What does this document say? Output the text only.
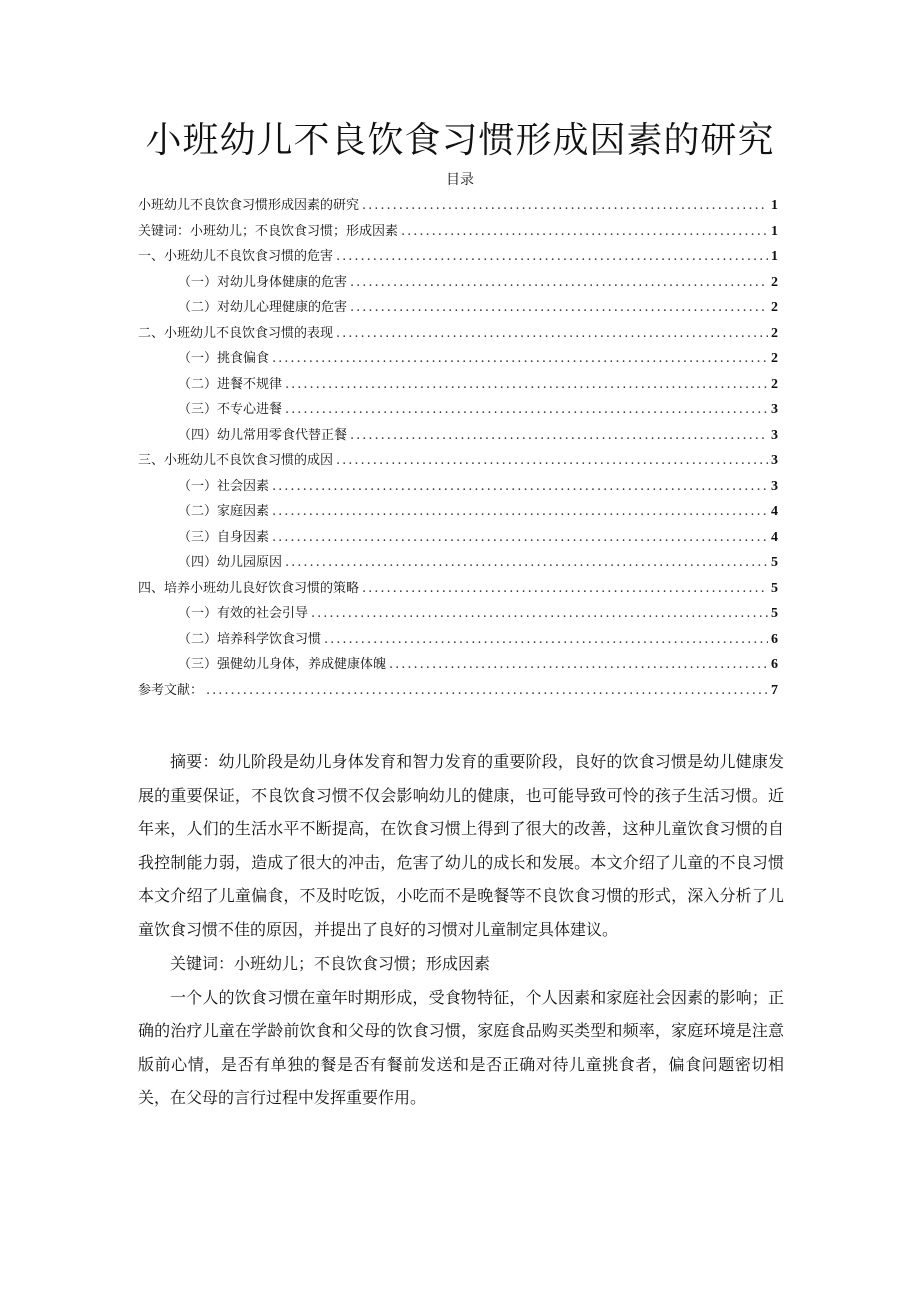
小班幼儿不良饮食习惯形成因素的研究
目录
小班幼儿不良饮食习惯形成因素的研究 .....	1
关键词：小班幼儿；不良饮食习惯；形成因素 .....	1
一、小班幼儿不良饮食习惯的危害 .....	1
（一）对幼儿身体健康的危害 .....	2
（二）对幼儿心理健康的危害 .....	2
二、小班幼儿不良饮食习惯的表现 .....	2
（一）挑食偏食 .....	2
（二）进餐不规律 .....	2
（三）不专心进餐 .....	3
（四）幼儿常用零食代替正餐 .....	3
三、小班幼儿不良饮食习惯的成因 .....	3
（一）社会因素 .....	3
（二）家庭因素 .....	4
（三）自身因素 .....	4
（四）幼儿园原因 .....	5
四、培养小班幼儿良好饮食习惯的策略 .....	5
（一）有效的社会引导 .....	5
（二）培养科学饮食习惯 .....	6
（三）强健幼儿身体，养成健康体魄 .....	6
参考文献： .....	7

摘要：幼儿阶段是幼儿身体发育和智力发育的重要阶段，良好的饮食习惯是幼儿健康发展的重要保证，不良饮食习惯不仅会影响幼儿的健康，也可能导致可怜的孩子生活习惯。近年来，人们的生活水平不断提高，在饮食习惯上得到了很大的改善，这种儿童饮食习惯的自我控制能力弱，造成了很大的冲击，危害了幼儿的成长和发展。本文介绍了儿童的不良习惯本文介绍了儿童偏食，不及时吃饭，小吃而不是晚餐等不良饮食习惯的形式，深入分析了儿童饮食习惯不佳的原因，并提出了良好的习惯对儿童制定具体建议。

关键词：小班幼儿；不良饮食习惯；形成因素

一个人的饮食习惯在童年时期形成，受食物特征，个人因素和家庭社会因素的影响；正确的治疗儿童在学龄前饮食和父母的饮食习惯，家庭食品购买类型和频率，家庭环境是注意版前心情，是否有单独的餐是否有餐前发送和是否正确对待儿童挑食者，偏食问题密切相关，在父母的言行过程中发挥重要作用。
